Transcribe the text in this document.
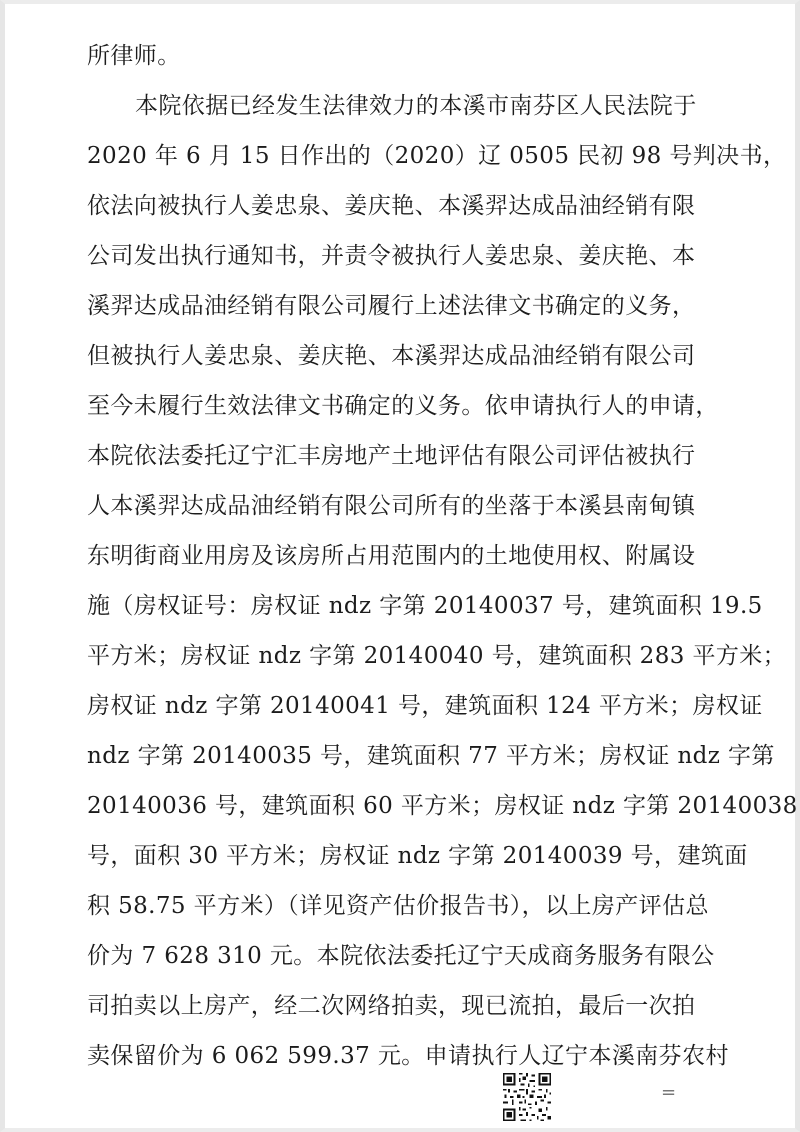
所律师。
本院依据已经发生法律效力的本溪市南芬区人民法院于
2020 年 6 月 15 日作出的（2020）辽 0505 民初 98 号判决书，
依法向被执行人姜忠泉、姜庆艳、本溪羿达成品油经销有限
公司发出执行通知书，并责令被执行人姜忠泉、姜庆艳、本
溪羿达成品油经销有限公司履行上述法律文书确定的义务，
但被执行人姜忠泉、姜庆艳、本溪羿达成品油经销有限公司
至今未履行生效法律文书确定的义务。依申请执行人的申请，
本院依法委托辽宁汇丰房地产土地评估有限公司评估被执行
人本溪羿达成品油经销有限公司所有的坐落于本溪县南甸镇
东明街商业用房及该房所占用范围内的土地使用权、附属设
施（房权证号：房权证 ndz 字第 20140037 号，建筑面积 19.5
平方米；房权证 ndz 字第 20140040 号，建筑面积 283 平方米；
房权证 ndz 字第 20140041 号，建筑面积 124 平方米；房权证
ndz 字第 20140035 号，建筑面积 77 平方米；房权证 ndz 字第
20140036 号，建筑面积 60 平方米；房权证 ndz 字第 20140038
号，面积 30 平方米；房权证 ndz 字第 20140039 号，建筑面
积 58.75 平方米）（详见资产估价报告书），以上房产评估总
价为 7 628 310 元。本院依法委托辽宁天成商务服务有限公
司拍卖以上房产，经二次网络拍卖，现已流拍，最后一次拍
卖保留价为 6 062 599.37 元。申请执行人辽宁本溪南芬农村
=
